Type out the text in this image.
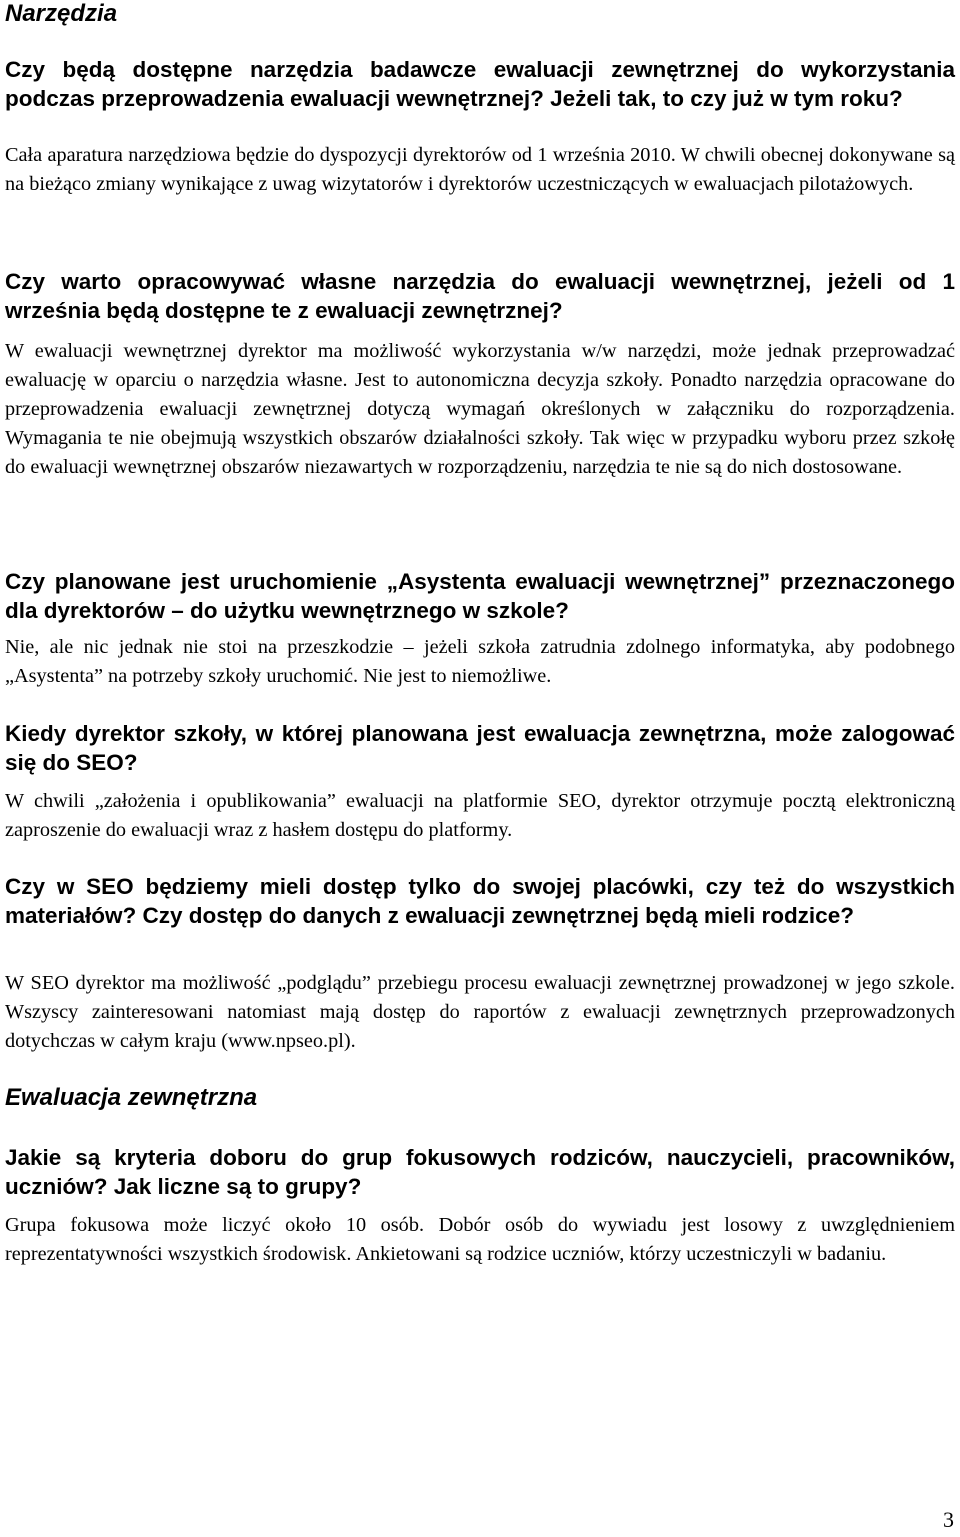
Narzędzia

Czy będą dostępne narzędzia badawcze ewaluacji zewnętrznej do wykorzystania podczas przeprowadzenia ewaluacji wewnętrznej? Jeżeli tak, to czy już w tym roku?

Cała aparatura narzędziowa będzie do dyspozycji dyrektorów od 1 września 2010. W chwili obecnej dokonywane są na bieżąco zmiany wynikające z uwag wizytatorów i dyrektorów uczestniczących w ewaluacjach pilotażowych.

Czy warto opracowywać własne narzędzia do ewaluacji wewnętrznej, jeżeli od 1 września będą dostępne te z ewaluacji zewnętrznej?

W ewaluacji wewnętrznej dyrektor ma możliwość wykorzystania w/w narzędzi, może jednak przeprowadzać ewaluację w oparciu o narzędzia własne. Jest to autonomiczna decyzja szkoły. Ponadto narzędzia opracowane do przeprowadzenia ewaluacji zewnętrznej dotyczą wymagań określonych w załączniku do rozporządzenia. Wymagania te nie obejmują wszystkich obszarów działalności szkoły. Tak więc w przypadku wyboru przez szkołę do ewaluacji wewnętrznej obszarów niezawartych w rozporządzeniu, narzędzia te nie są do nich dostosowane.

Czy planowane jest uruchomienie „Asystenta ewaluacji wewnętrznej” przeznaczonego dla dyrektorów – do użytku wewnętrznego w szkole?

Nie, ale nic jednak nie stoi na przeszkodzie – jeżeli szkoła zatrudnia zdolnego informatyka, aby podobnego „Asystenta” na potrzeby szkoły uruchomić. Nie jest to niemożliwe.

Kiedy dyrektor szkoły, w której planowana jest ewaluacja zewnętrzna, może zalogować się do SEO?

W chwili „założenia i opublikowania” ewaluacji na platformie SEO, dyrektor otrzymuje pocztą elektroniczną zaproszenie do ewaluacji wraz z hasłem dostępu do platformy.

Czy w SEO będziemy mieli dostęp tylko do swojej placówki, czy też do wszystkich materiałów? Czy dostęp do danych z ewaluacji zewnętrznej będą mieli rodzice?

W SEO dyrektor ma możliwość „podglądu” przebiegu procesu ewaluacji zewnętrznej prowadzonej w jego szkole. Wszyscy zainteresowani natomiast mają dostęp do raportów z ewaluacji zewnętrznych przeprowadzonych dotychczas w całym kraju (www.npseo.pl).

Ewaluacja zewnętrzna

Jakie są kryteria doboru do grup fokusowych rodziców, nauczycieli, pracowników, uczniów? Jak liczne są to grupy?

Grupa fokusowa może liczyć około 10 osób. Dobór osób do wywiadu jest losowy z uwzględnieniem reprezentatywności wszystkich środowisk. Ankietowani są rodzice uczniów, którzy uczestniczyli w badaniu.

3
